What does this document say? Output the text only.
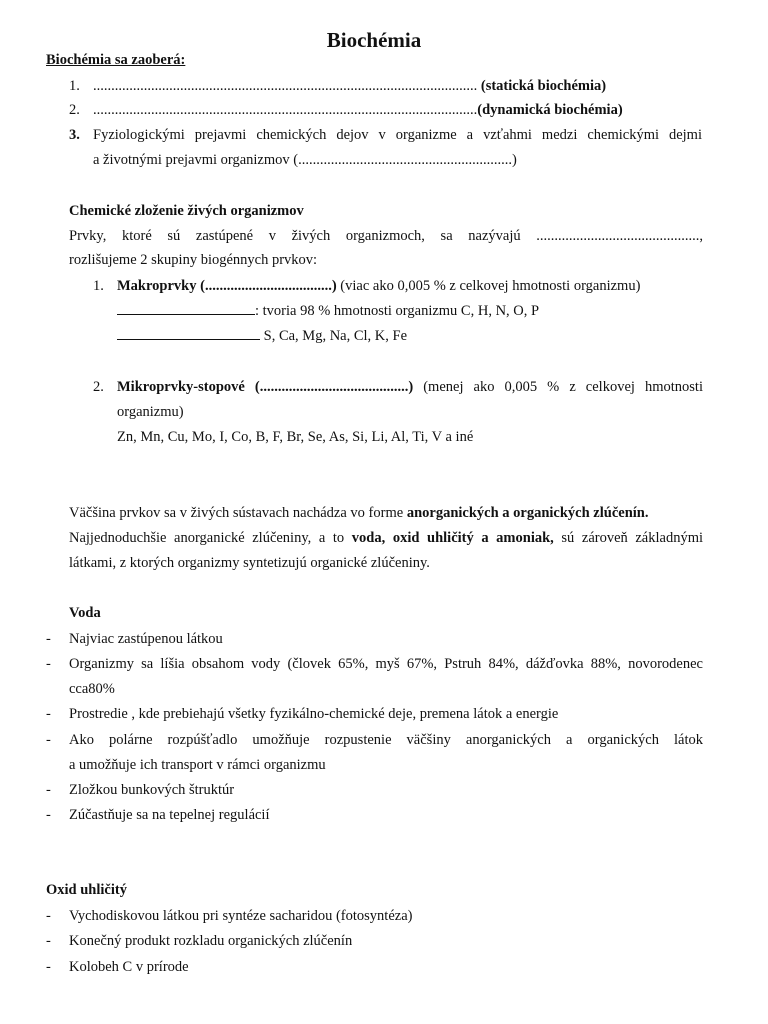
Biochémia
Biochémia sa zaoberá:
1. .......................................................................................................... (statická biochémia)
2. ..........................................................................................................(dynamická biochémia)
3. Fyziologickými prejavmi chemických dejov v organizme a vzťahmi medzi chemickými dejmi
a životnými prejavmi organizmov (...........................................................)
Chemické zloženie živých organizmov
Prvky, ktoré sú zastúpené v živých organizmoch, sa nazývajú .............................................,
rozlišujeme 2 skupiny biogénnych prvkov:
1. Makroprvky (...................................) (viac ako 0,005 % z celkovej hmotnosti organizmu)
: tvoria 98 % hmotnosti organizmu C, H, N, O, P
S, Ca, Mg, Na, Cl, K, Fe
2. Mikroprvky-stopové (.........................................) (menej ako 0,005 % z celkovej hmotnosti
organizmu)
Zn, Mn, Cu, Mo, I, Co, B, F, Br, Se, As, Si, Li, Al, Ti, V a iné
Väčšina prvkov sa v živých sústavach nachádza vo forme anorganických a organických zlúčenín.
Najjednoduchšie anorganické zlúčeniny, a to voda, oxid uhličitý a amoniak, sú zároveň základnými
látkami, z ktorých organizmy syntetizujú organické zlúčeniny.
Voda
- Najviac zastúpenou látkou
- Organizmy sa líšia obsahom vody (človek 65%, myš 67%, Pstruh 84%, dážďovka 88%, novorodenec
cca80%
- Prostredie , kde prebiehajú všetky fyzikálno-chemické deje, premena látok a energie
- Ako polárne rozpúšťadlo umožňuje rozpustenie väčšiny anorganických a organických látok
a umožňuje ich transport v rámci organizmu
- Zložkou bunkových štruktúr
- Zúčastňuje sa na tepelnej regulácií
Oxid uhličitý
- Vychodiskovou látkou pri syntéze sacharidou (fotosyntéza)
- Konečný produkt rozkladu organických zlúčenín
- Kolobeh C v prírode
